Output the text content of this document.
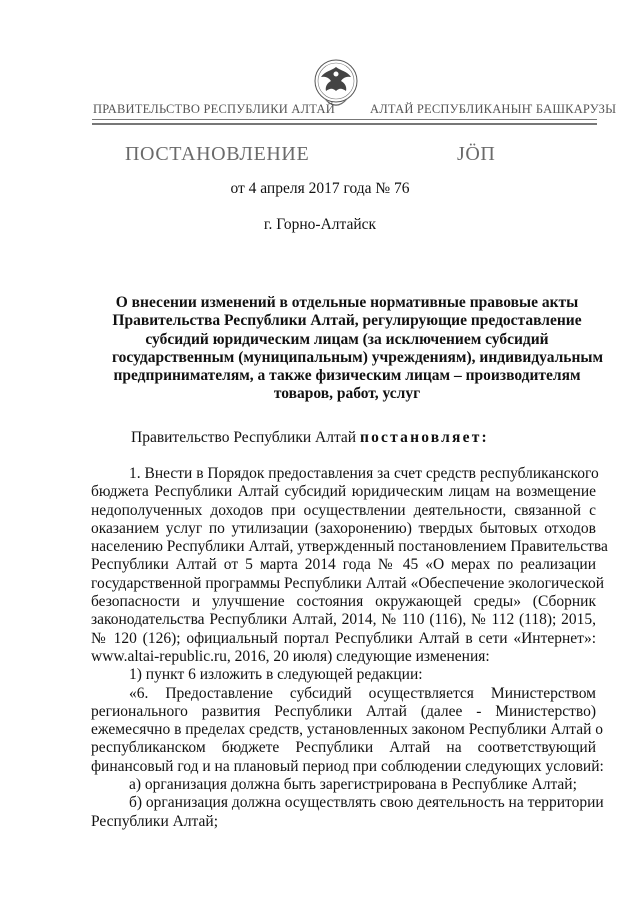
ПРАВИТЕЛЬСТВО РЕСПУБЛИКИ АЛТАЙ	АЛТАЙ РЕСПУБЛИКАНЫҤ БАШКАРУЗЫ
ПОСТАНОВЛЕНИЕ	ЈÖП
от 4 апреля 2017 года № 76
г. Горно-Алтайск
О внесении изменений в отдельные нормативные правовые акты
Правительства Республики Алтай, регулирующие предоставление
субсидий юридическим лицам (за исключением субсидий
государственным (муниципальным) учреждениям), индивидуальным
предпринимателям, а также физическим лицам – производителям
товаров, работ, услуг
Правительство Республики Алтай постановляет:
1. Внести в Порядок предоставления за счет средств республиканского
бюджета Республики Алтай субсидий юридическим лицам на возмещение
недополученных доходов при осуществлении деятельности, связанной с
оказанием услуг по утилизации (захоронению) твердых бытовых отходов
населению Республики Алтай, утвержденный постановлением Правительства
Республики Алтай от 5 марта 2014 года № 45 «О мерах по реализации
государственной программы Республики Алтай «Обеспечение экологической
безопасности и улучшение состояния окружающей среды» (Сборник
законодательства Республики Алтай, 2014, № 110 (116), № 112 (118); 2015,
№ 120 (126); официальный портал Республики Алтай в сети «Интернет»:
www.altai-republic.ru, 2016, 20 июля) следующие изменения:
1) пункт 6 изложить в следующей редакции:
«6. Предоставление субсидий осуществляется Министерством
регионального развития Республики Алтай (далее - Министерство)
ежемесячно в пределах средств, установленных законом Республики Алтай о
республиканском бюджете Республики Алтай на соответствующий
финансовый год и на плановый период при соблюдении следующих условий:
а) организация должна быть зарегистрирована в Республике Алтай;
б) организация должна осуществлять свою деятельность на территории
Республики Алтай;
